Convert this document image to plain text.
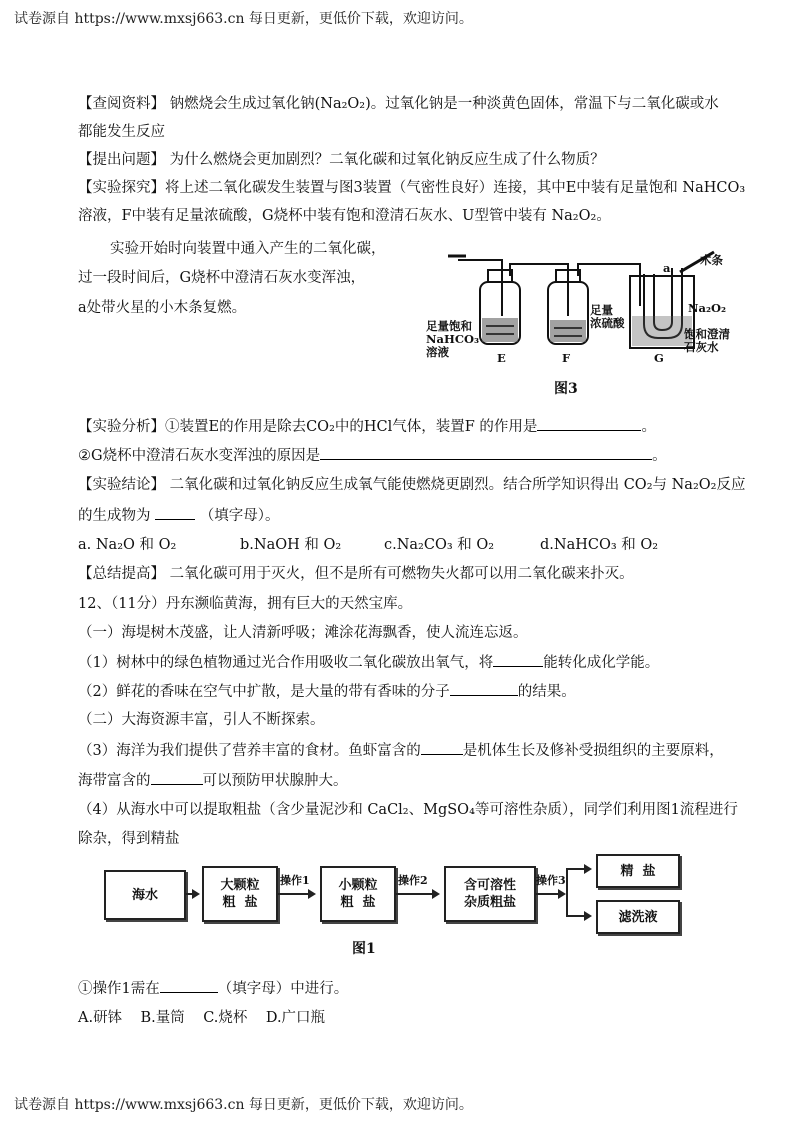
试卷源自 https://www.mxsj663.cn 每日更新，更低价下载，欢迎访问。
【查阅资料】 钠燃烧会生成过氧化钠(Na₂O₂)。过氧化钠是一种淡黄色固体，常温下与二氧化碳或水
都能发生反应
【提出问题】 为什么燃烧会更加剧烈？二氧化碳和过氧化钠反应生成了什么物质？
【实验探究】将上述二氧化碳发生装置与图3装置（气密性良好）连接，其中E中装有足量饱和 NaHCO₃
溶液，F中装有足量浓硫酸，G烧杯中装有饱和澄清石灰水、U型管中装有 Na₂O₂。
实验开始时向装置中通入产生的二氧化碳，
过一段时间后，G烧杯中澄清石灰水变浑浊，
a处带火星的小木条复燃。
木条
a
Na₂O₂
足量饱和
NaHCO₃
溶液
足量
浓硫酸
饱和澄清
石灰水
E	F	G
图3
【实验分析】①装置E的作用是除去CO₂中的HCl气体，装置F 的作用是	。
②G烧杯中澄清石灰水变浑浊的原因是	。
【实验结论】 二氧化碳和过氧化钠反应生成氧气能使燃烧更剧烈。结合所学知识得出 CO₂与 Na₂O₂反应
的生成物为	（填字母）。
a. Na₂O 和 O₂	b.NaOH 和 O₂	c.Na₂CO₃ 和 O₂	d.NaHCO₃ 和 O₂
【总结提高】 二氧化碳可用于灭火，但不是所有可燃物失火都可以用二氧化碳来扑灭。
12、（11分）丹东濒临黄海，拥有巨大的天然宝库。
（一）海堤树木茂盛，让人清新呼吸；滩涂花海飘香，使人流连忘返。
（1）树林中的绿色植物通过光合作用吸收二氧化碳放出氧气，将	能转化成化学能。
（2）鲜花的香味在空气中扩散，是大量的带有香味的分子	的结果。
（二）大海资源丰富，引人不断探索。
（3）海洋为我们提供了营养丰富的食材。鱼虾富含的	是机体生长及修补受损组织的主要原料，
海带富含的	可以预防甲状腺肿大。
（4）从海水中可以提取粗盐（含少量泥沙和 CaCl₂、MgSO₄等可溶性杂质），同学们利用图1流程进行
除杂，得到精盐
海水
大颗粒
粗  盐
操作1	小颗粒
粗  盐
操作2	含可溶性
杂质粗盐
操作3
精  盐
滤洗液
图1
①操作1需在	（填字母）中进行。
A.研钵    B.量筒    C.烧杯    D.广口瓶
试卷源自 https://www.mxsj663.cn 每日更新，更低价下载，欢迎访问。
